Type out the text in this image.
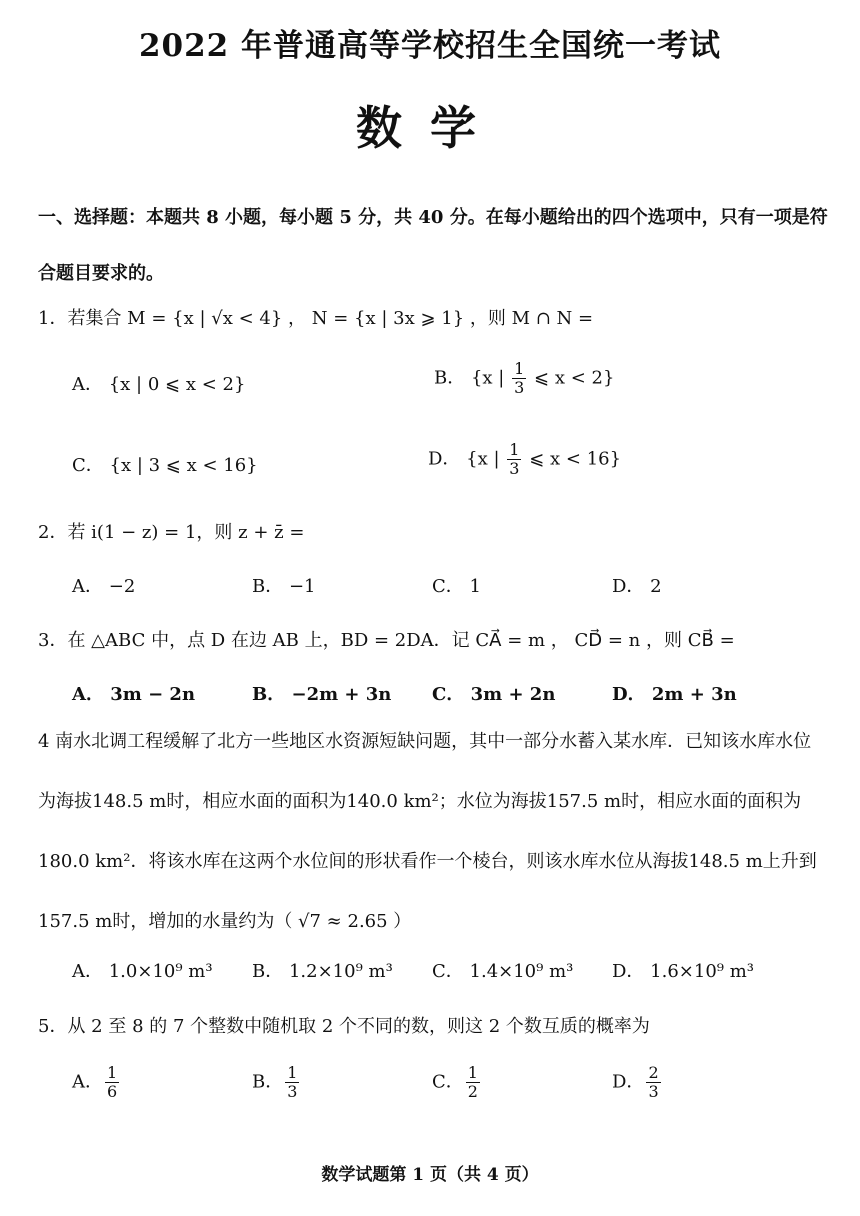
2022 年普通高等学校招生全国统一考试
数学
一、选择题：本题共 8 小题，每小题 5 分，共 40 分。在每小题给出的四个选项中，只有一项是符合题目要求的。
1．若集合 M = {x | √x < 4} ， N = {x | 3x ⩾ 1} ，则 M ∩ N =
A． {x | 0 ⩽ x < 2}	B． {x | $\frac{1}{3}$ ⩽ x < 2}
C． {x | 3 ⩽ x < 16}	D． {x | $\frac{1}{3}$ ⩽ x < 16}
2．若 i(1 − z) = 1，则 z + z̄ =
A． −2	B． −1	C． 1	D． 2
3．在 △ABC 中，点 D 在边 AB 上，BD = 2DA．记 CA⃗ = m ， CD⃗ = n ，则 CB⃗ =
A． 3m − 2n	B． −2m + 3n C． 3m + 2n	D． 2m + 3n
4 南水北调工程缓解了北方一些地区水资源短缺问题，其中一部分水蓄入某水库．已知该水库水位为海拔148.5 m时，相应水面的面积为140.0 km²；水位为海拔157.5 m时，相应水面的面积为180.0 km²．将该水库在这两个水位间的形状看作一个棱台，则该水库水位从海拔148.5 m上升到157.5 m时，增加的水量约为（ √7 ≈ 2.65 ）
A． 1.0×10⁹ m³ B． 1.2×10⁹ m³ C． 1.4×10⁹ m³ D． 1.6×10⁹ m³
5．从 2 至 8 的 7 个整数中随机取 2 个不同的数，则这 2 个数互质的概率为
A． $\frac{1}{6}$	B． $\frac{1}{3}$	C． $\frac{1}{2}$	D． $\frac{2}{3}$
数学试题第 1 页（共 4 页）
